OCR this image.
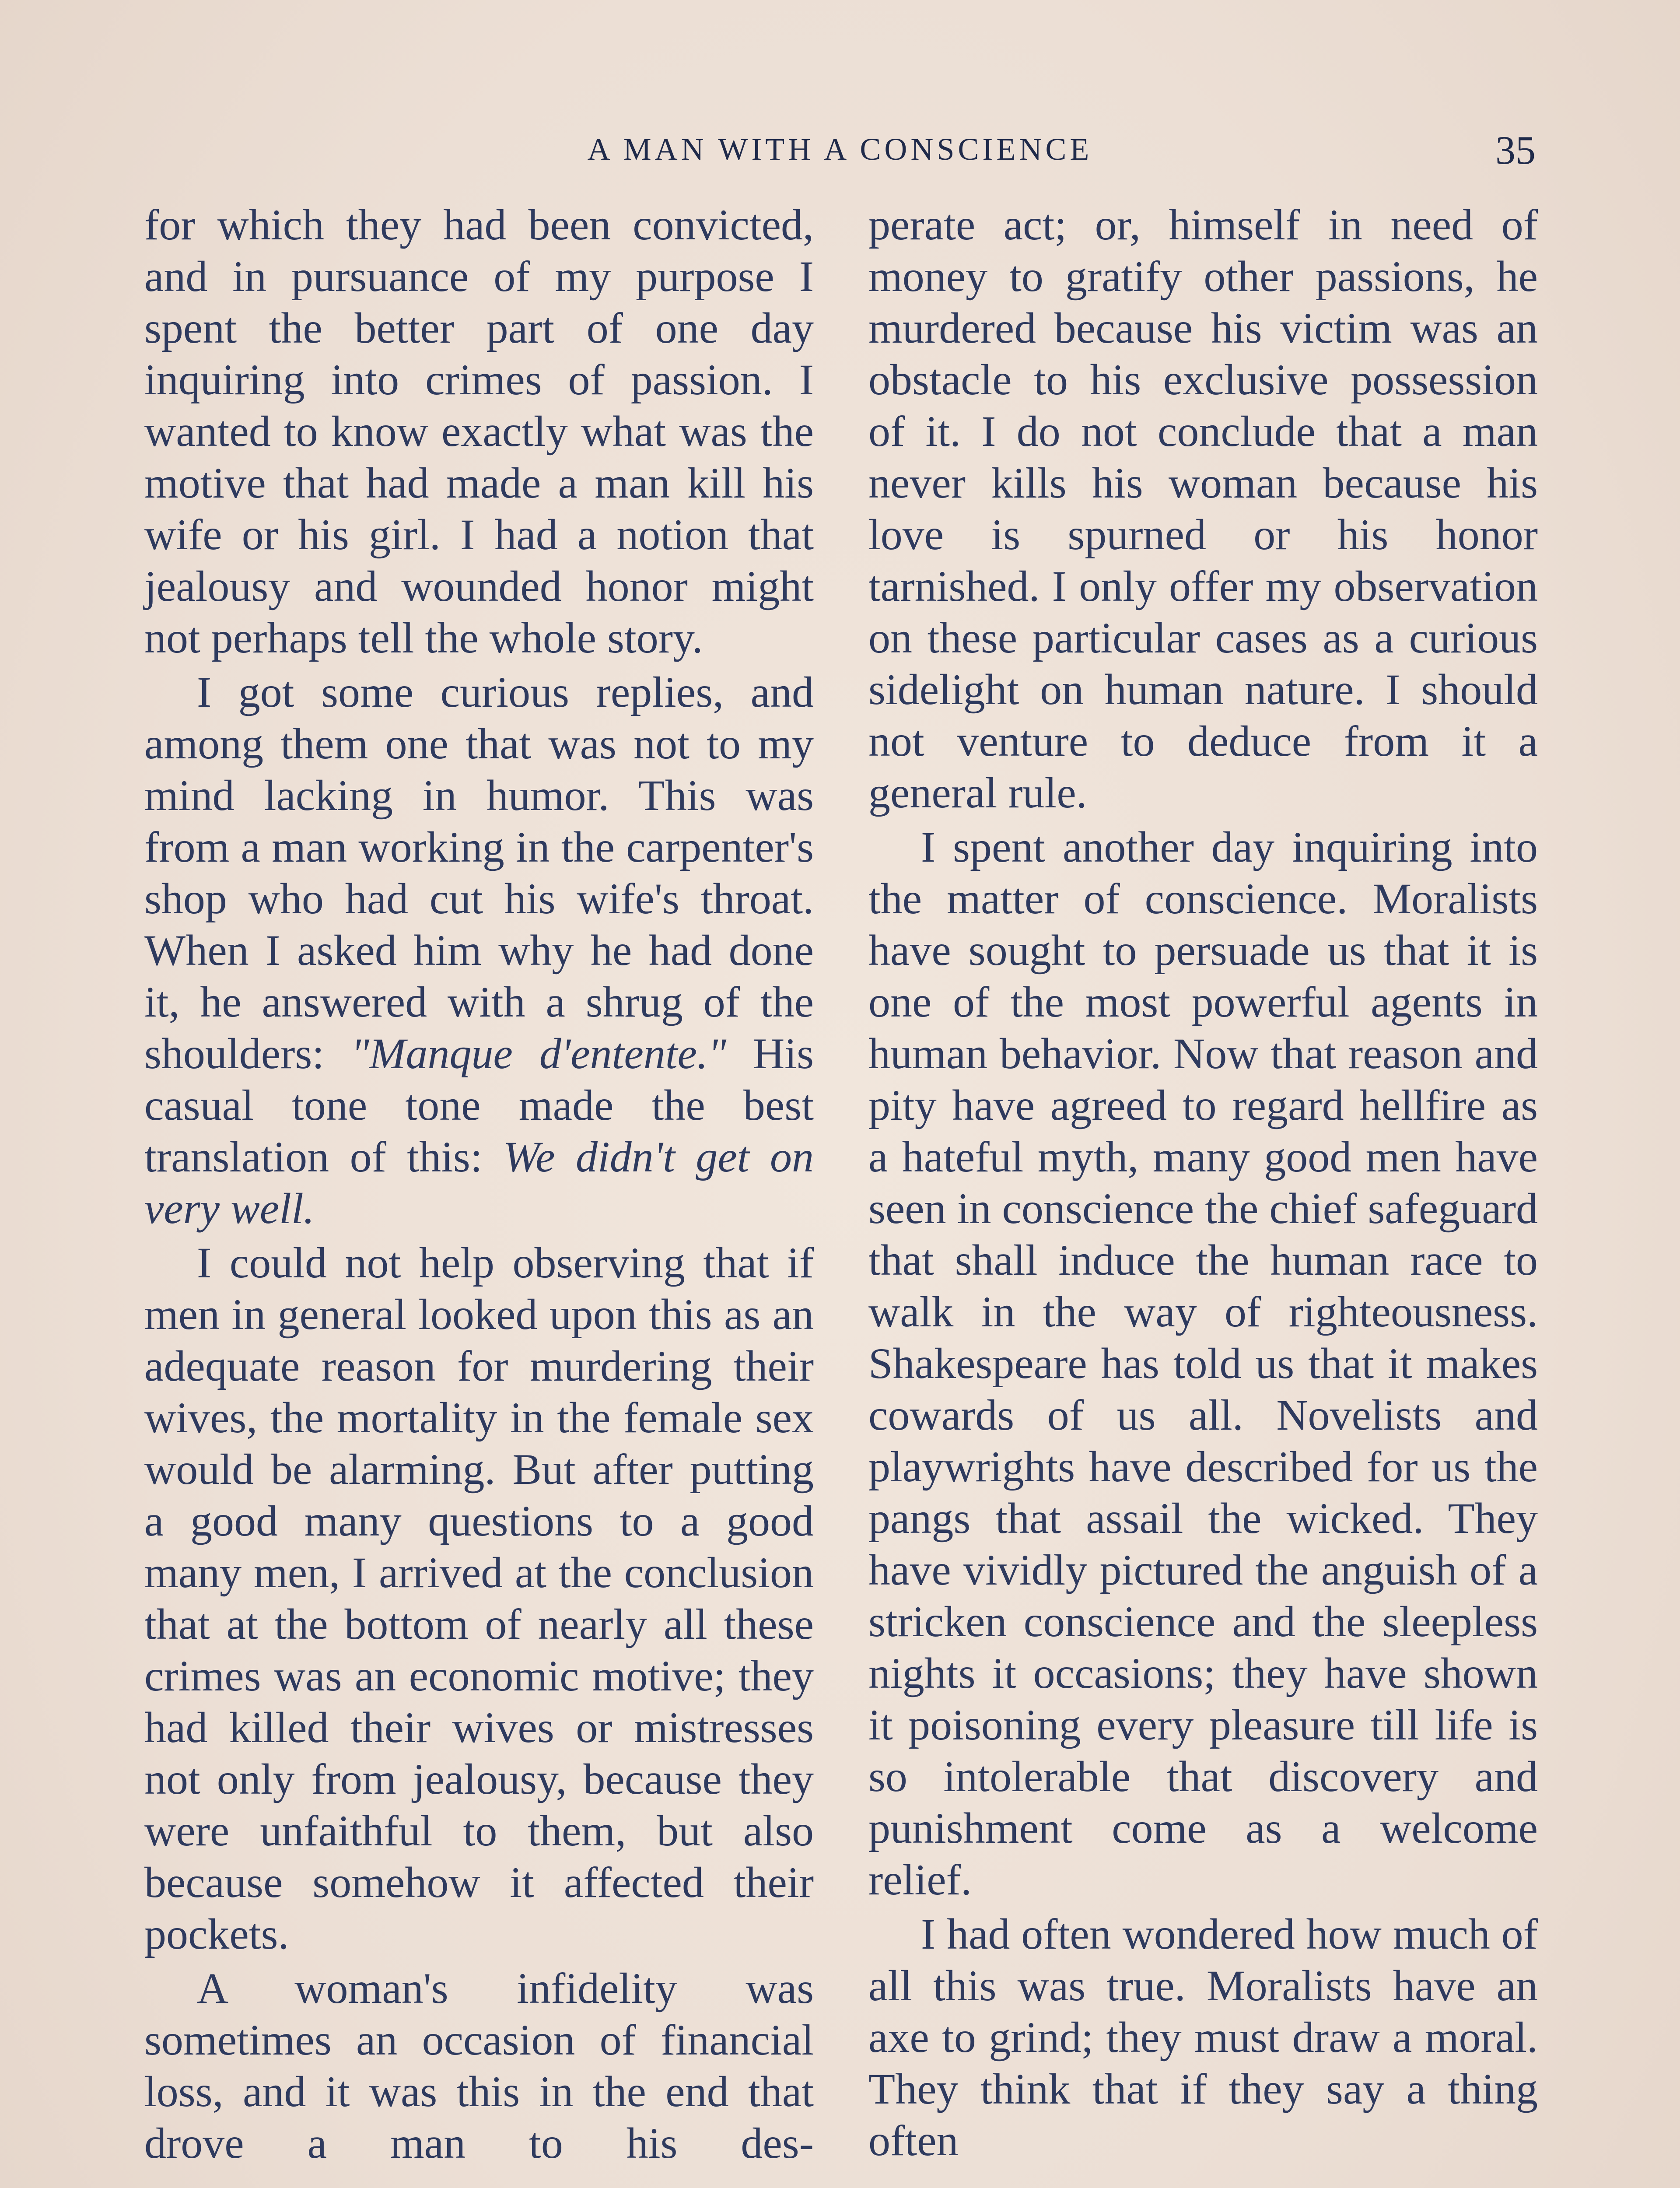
A MAN WITH A CONSCIENCE	35

for which they had been convicted, and in pursuance of my purpose I spent the better part of one day inquiring into crimes of passion. I wanted to know exactly what was the motive that had made a man kill his wife or his girl. I had a notion that jealousy and wounded honor might not perhaps tell the whole story.

I got some curious replies, and among them one that was not to my mind lacking in humor. This was from a man working in the carpenter's shop who had cut his wife's throat. When I asked him why he had done it, he answered with a shrug of the shoulders: "Manque d'entente." His casual tone tone made the best translation of this: We didn't get on very well.

I could not help observing that if men in general looked upon this as an adequate reason for murdering their wives, the mortality in the female sex would be alarming. But after putting a good many questions to a good many men, I arrived at the conclusion that at the bottom of nearly all these crimes was an economic motive; they had killed their wives or mistresses not only from jealousy, because they were unfaithful to them, but also because somehow it affected their pockets.

A woman's infidelity was sometimes an occasion of financial loss, and it was this in the end that drove a man to his des-

perate act; or, himself in need of money to gratify other passions, he murdered because his victim was an obstacle to his exclusive possession of it. I do not conclude that a man never kills his woman because his love is spurned or his honor tarnished. I only offer my observation on these particular cases as a curious sidelight on human nature. I should not venture to deduce from it a general rule.

I spent another day inquiring into the matter of conscience. Moralists have sought to persuade us that it is one of the most powerful agents in human behavior. Now that reason and pity have agreed to regard hellfire as a hateful myth, many good men have seen in conscience the chief safeguard that shall induce the human race to walk in the way of righteousness. Shakespeare has told us that it makes cowards of us all. Novelists and playwrights have described for us the pangs that assail the wicked. They have vividly pictured the anguish of a stricken conscience and the sleepless nights it occasions; they have shown it poisoning every pleasure till life is so intolerable that discovery and punishment come as a welcome relief.

I had often wondered how much of all this was true. Moralists have an axe to grind; they must draw a moral. They think that if they say a thing often
